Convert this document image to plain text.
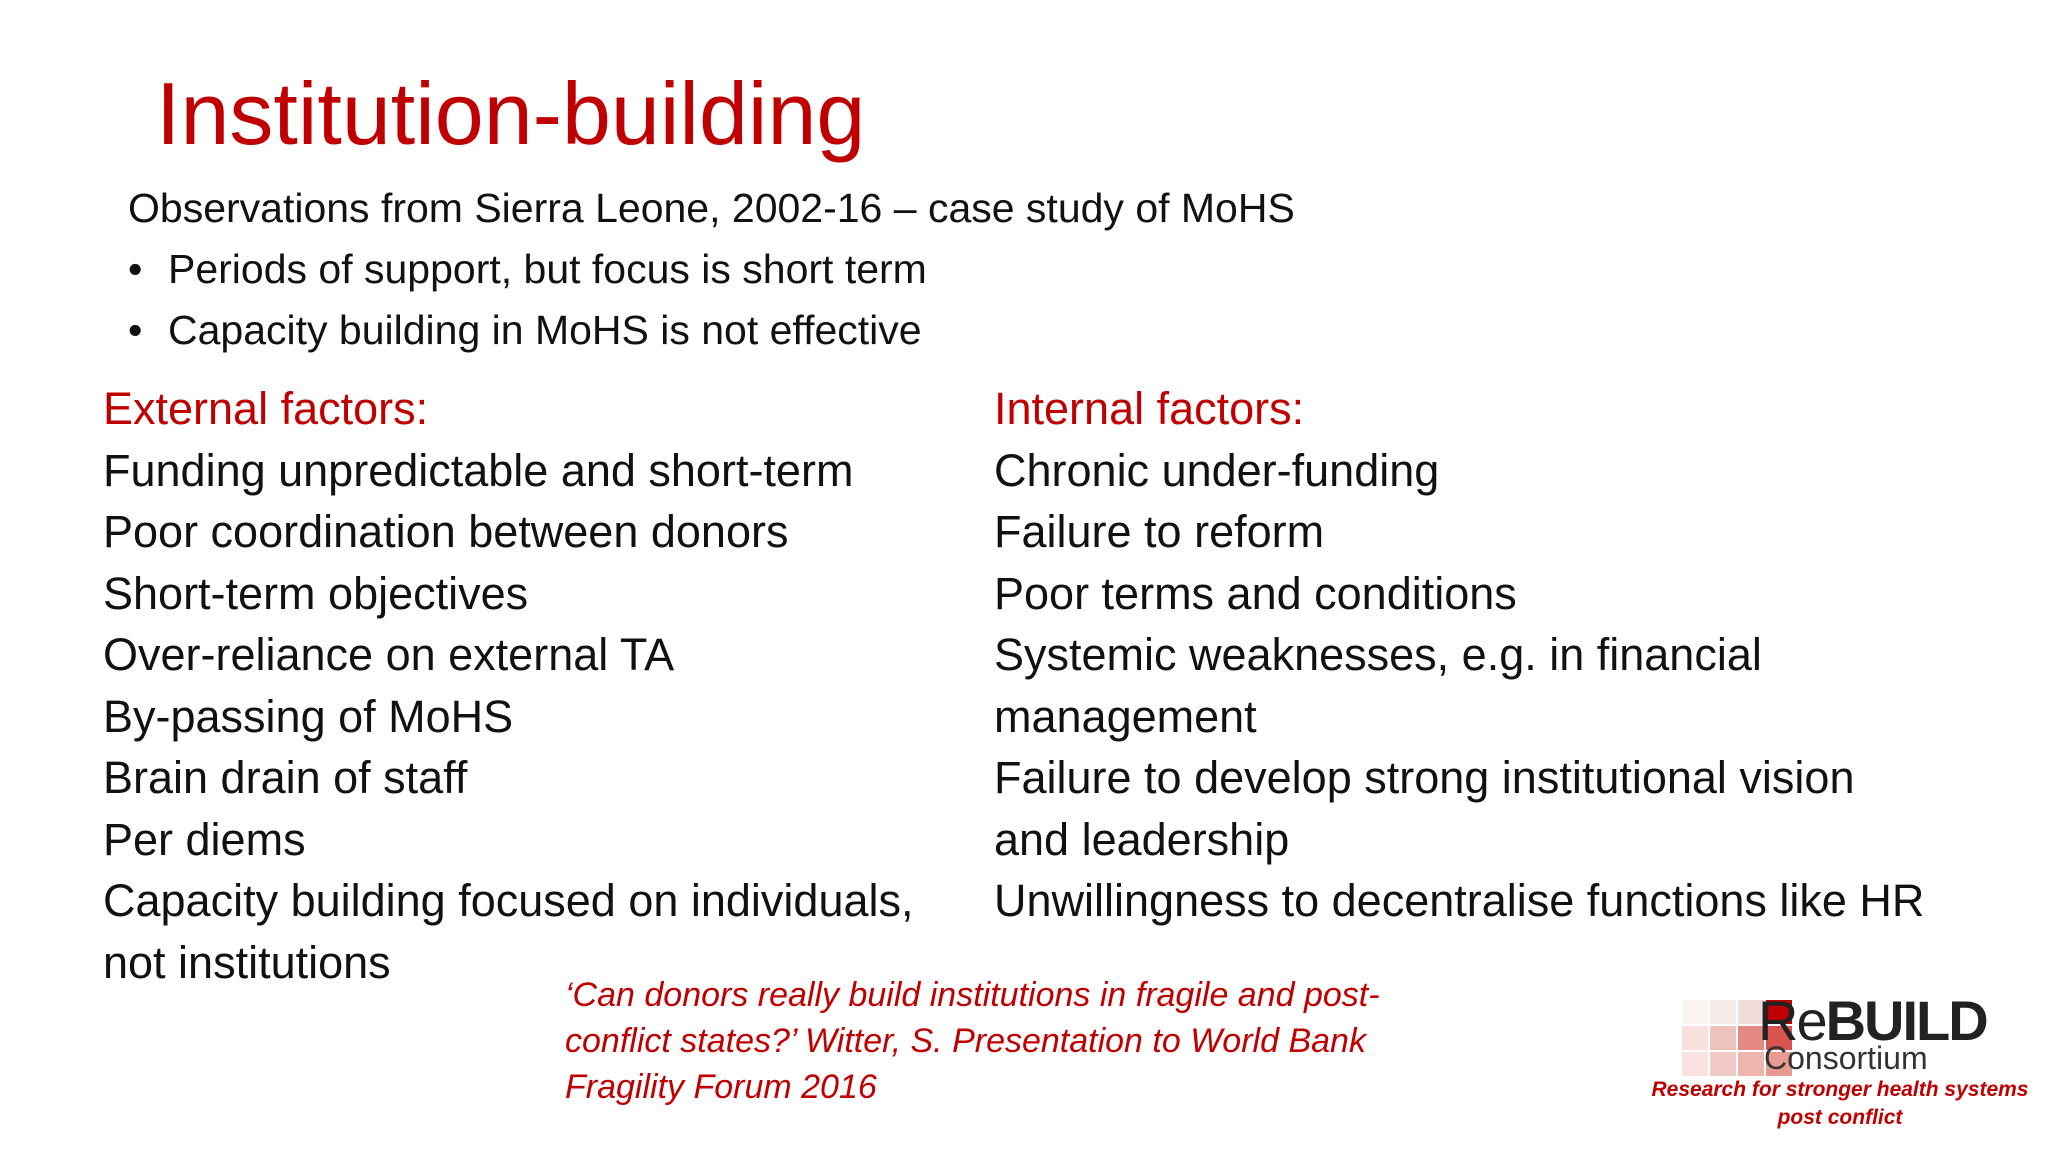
Institution-building
Observations from Sierra Leone, 2002-16 – case study of MoHS
• Periods of support, but focus is short term
• Capacity building in MoHS is not effective
External factors:
Funding unpredictable and short-term
Poor coordination between donors
Short-term objectives
Over-reliance on external TA
By-passing of MoHS
Brain drain of staff
Per diems
Capacity building focused on individuals,
not institutions
Internal factors:
Chronic under-funding
Failure to reform
Poor terms and conditions
Systemic weaknesses, e.g. in financial
management
Failure to develop strong institutional vision
and leadership
Unwillingness to decentralise functions like HR
‘Can donors really build institutions in fragile and post-
conflict states?’ Witter, S. Presentation to World Bank
Fragility Forum 2016
ReBUILD
Consortium
Research for stronger health systems
post conflict
